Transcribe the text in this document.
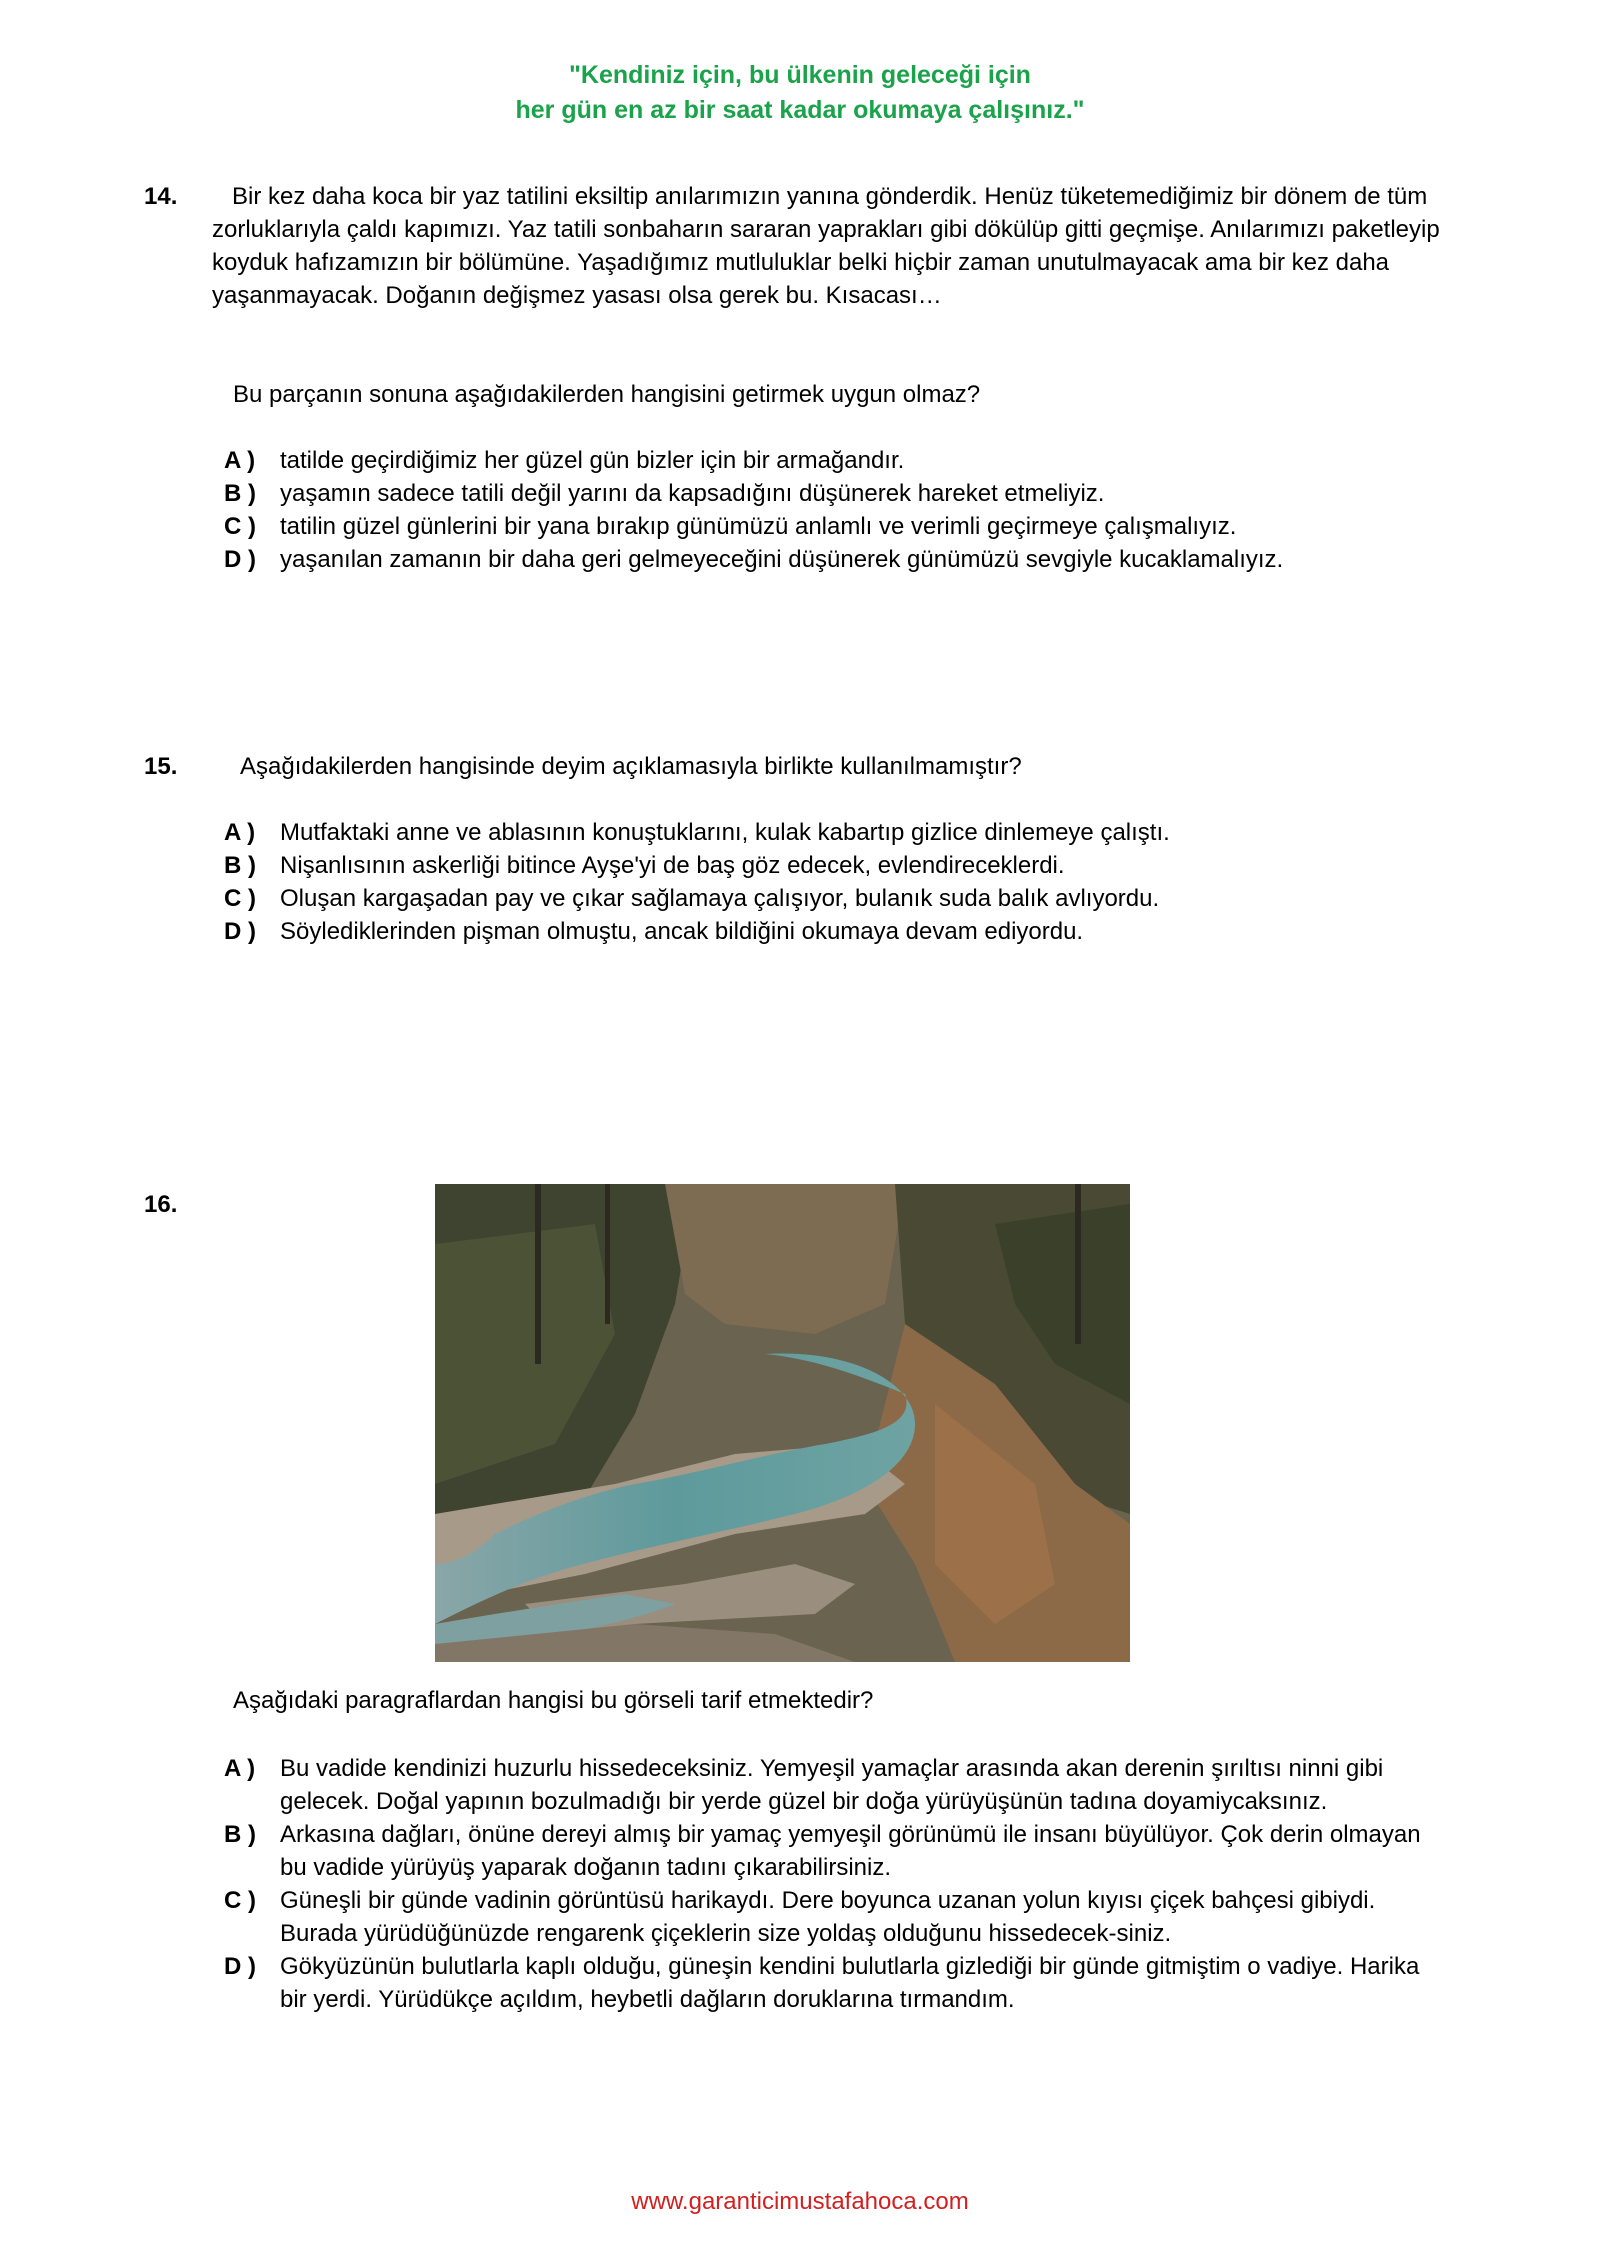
"Kendiniz için, bu ülkenin geleceği için
her gün en az bir saat kadar okumaya çalışınız."
14.	Bir kez daha koca bir yaz tatilini eksiltip anılarımızın yanına gönderdik. Henüz tüketemediğimiz bir dönem de tüm zorluklarıyla çaldı kapımızı. Yaz tatili sonbaharın sararan yaprakları gibi dökülüp gitti geçmişe. Anılarımızı paketleyip koyduk hafızamızın bir bölümüne. Yaşadığımız mutluluklar belki hiçbir zaman unutulmayacak ama bir kez daha yaşanmayacak. Doğanın değişmez yasası olsa gerek bu. Kısacası…
Bu parçanın sonuna aşağıdakilerden hangisini getirmek uygun olmaz?
A ) tatilde geçirdiğimiz her güzel gün bizler için bir armağandır.
B ) yaşamın sadece tatili değil yarını da kapsadığını düşünerek hareket etmeliyiz.
C ) tatilin güzel günlerini bir yana bırakıp günümüzü anlamlı ve verimli geçirmeye çalışmalıyız.
D ) yaşanılan zamanın bir daha geri gelmeyeceğini düşünerek günümüzü sevgiyle kucaklamalıyız.
15.	Aşağıdakilerden hangisinde deyim açıklamasıyla birlikte kullanılmamıştır?
A ) Mutfaktaki anne ve ablasının konuştuklarını, kulak kabartıp gizlice dinlemeye çalıştı.
B ) Nişanlısının askerliği bitince Ayşe'yi de baş göz edecek, evlendireceklerdi.
C ) Oluşan kargaşadan pay ve çıkar sağlamaya çalışıyor, bulanık suda balık avlıyordu.
D ) Söylediklerinden pişman olmuştu, ancak bildiğini okumaya devam ediyordu.
16.
Aşağıdaki paragraflardan hangisi bu görseli tarif etmektedir?
A ) Bu vadide kendinizi huzurlu hissedeceksiniz. Yemyeşil yamaçlar arasında akan derenin şırıltısı ninni gibi gelecek. Doğal yapının bozulmadığı bir yerde güzel bir doğa yürüyüşünün tadına doyamiycaksınız.
B ) Arkasına dağları, önüne dereyi almış bir yamaç yemyeşil görünümü ile insanı büyülüyor. Çok derin olmayan bu vadide yürüyüş yaparak doğanın tadını çıkarabilirsiniz.
C ) Güneşli bir günde vadinin görüntüsü harikaydı. Dere boyunca uzanan yolun kıyısı çiçek bahçesi gibiydi. Burada yürüdüğünüzde rengarenk çiçeklerin size yoldaş olduğunu hissedecek-siniz.
D ) Gökyüzünün bulutlarla kaplı olduğu, güneşin kendini bulutlarla gizlediği bir günde gitmiştim o vadiye. Harika bir yerdi. Yürüdükçe açıldım, heybetli dağların doruklarına tırmandım.
www.garanticimustafahoca.com
